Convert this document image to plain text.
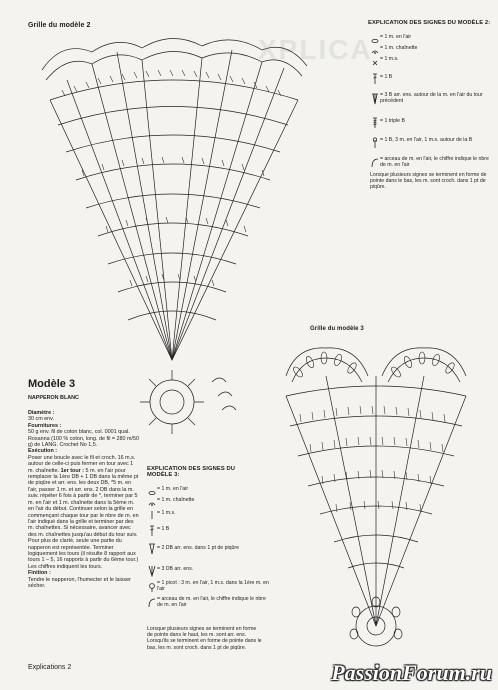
XPLICA
Grille du modèle 2	EXPLICATION DES SIGNES DU MODÈLE 2:
= 1 m. en l'air
= 1 m. chaînette
= 1 m.s.
= 1 B
= 3 B arr. ens. autour de la m. en l'air du tour précédent
= 1 triple B
= 1 B, 3 m. en l'air, 1 m.s. autour de la B
= arceau de m. en l'air, le chiffre indique le nbre de m. en l'air
Lorsque plusieurs signes se terminent en forme de pointe dans le bas, les m. sont croch. dans 1 pt de piqûre.
Grille du modèle 3
Modèle 3
NAPPERON BLANC
Diamètre :
30 cm env.
Fournitures :
50 g env. fil de coton blanc, col. 0001 qual. Rosanna (100 % coton, long. de fil = 280 m/50 g) de LANG. Crochet No 1,5.
Exécution :
Poser une boucle avec le fil et croch. 16 m.s. autour de celle-ci puis fermer en tour avec 1 m. chaînette. 1er tour : 5 m. en l'air pour remplacer la 1ère DB + 1 DB dans la même pt de piqûre et arr. ens. les deux DB, *5 m. en l'air, passer 1 m. et arr. ens. 2 DB dans la m. suiv. répéter 6 fois à partir de *, terminer par 5 m. en l'air et 1 m. chaînette dans la 5ème m. en l'air du début. Continuer selon la grille en commençant chaque tour par le nbre de m. en l'air indiqué dans la grille et terminer par des m. chaînettes. Si nécessaire, avancer avec des m. chaînettes jusqu'au début du tour suiv. Pour plus de clarté, seule une partie du napperon est représentée. Terminer logiquement les tours (il résulte 8 rapport aux tours 1 – 5, 16 rapports à partir du 6ème tour.) Les chiffres indiquent les tours.
Finition :
Tendre le napperon, l'humecter et le laisser sécher.
EXPLICATION DES SIGNES DU MODÈLE 3:
= 1 m. en l'air
= 1 m. chaînette
= 1 m.s.
= 1 B
= 2 DB arr. ens. dans 1 pt de piqûre
= 3 DB arr. ens.
= 1 picot : 3 m. en l'air, 1 m.s. dans la 1ère m. en l'air
= arceau de m. en l'air, le chiffre indique le nbre de m. en l'air
Lorsque plusieurs signes se terminent en forme de pointe dans le haut, les m. sont arr. ens. Lorsqu'ils se terminent en forme de pointe dans le bas, les m. sont croch. dans 1 pt de piqûre.
Explications 2	PassionForum.ru
